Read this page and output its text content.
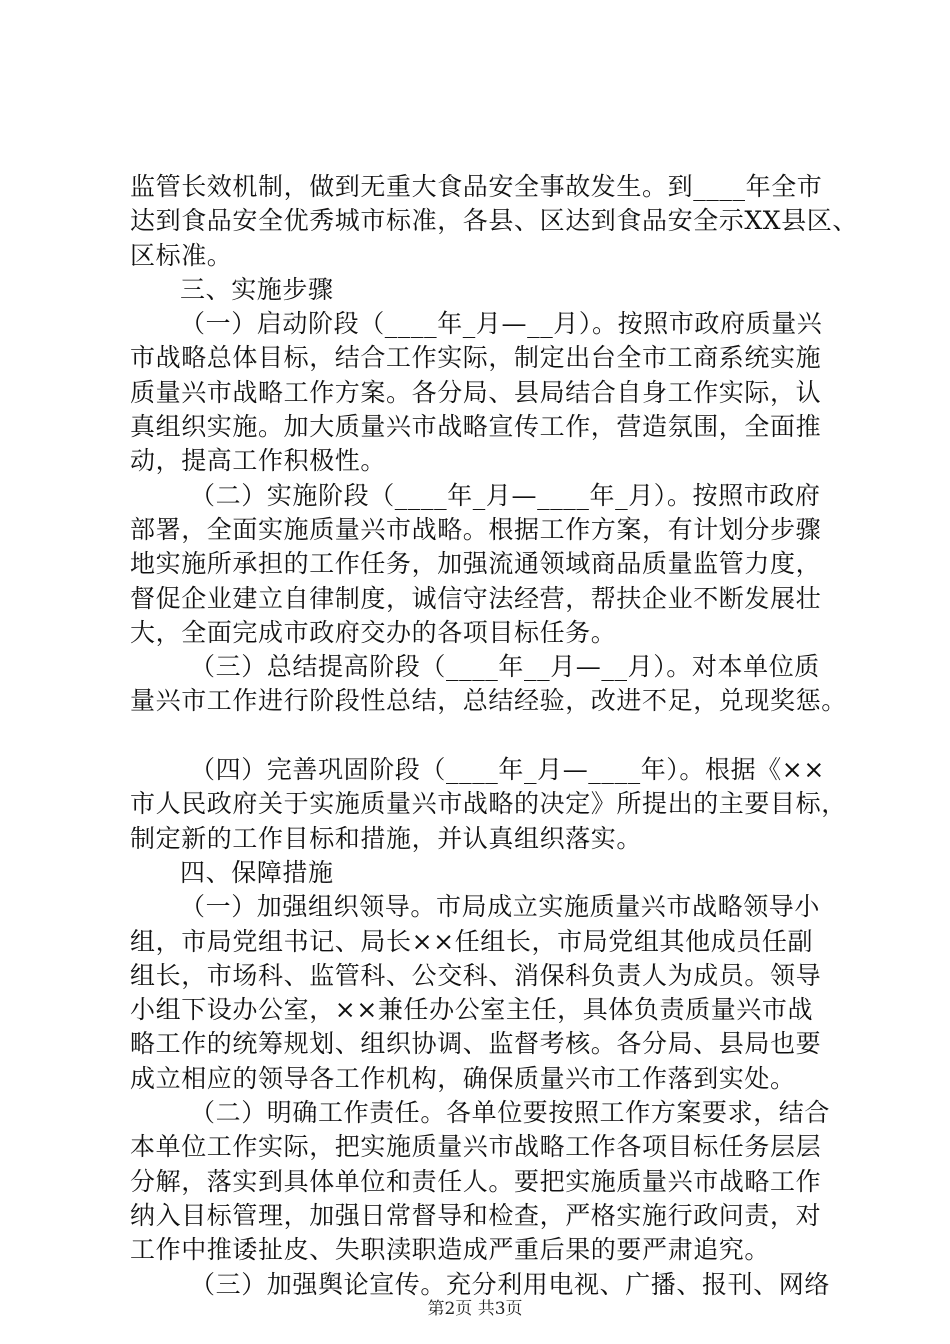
监管长效机制，做到无重大食品安全事故发生。到____年全市
达到食品安全优秀城市标准，各县、区达到食品安全示XX县区、
区标准。
三、实施步骤
（一）启动阶段（____年_月—__月）。按照市政府质量兴
市战略总体目标，结合工作实际，制定出台全市工商系统实施
质量兴市战略工作方案。各分局、县局结合自身工作实际，认
真组织实施。加大质量兴市战略宣传工作，营造氛围，全面推
动，提高工作积极性。
（二）实施阶段（____年_月—____年_月）。按照市政府
部署，全面实施质量兴市战略。根据工作方案，有计划分步骤
地实施所承担的工作任务，加强流通领域商品质量监管力度，
督促企业建立自律制度，诚信守法经营，帮扶企业不断发展壮
大，全面完成市政府交办的各项目标任务。
（三）总结提高阶段（____年__月—__月）。对本单位质
量兴市工作进行阶段性总结，总结经验，改进不足，兑现奖惩。
（四）完善巩固阶段（____年_月—____年）。根据《××
市人民政府关于实施质量兴市战略的决定》所提出的主要目标，
制定新的工作目标和措施，并认真组织落实。
四、保障措施
（一）加强组织领导。市局成立实施质量兴市战略领导小
组，市局党组书记、局长××任组长，市局党组其他成员任副
组长，市场科、监管科、公交科、消保科负责人为成员。领导
小组下设办公室，××兼任办公室主任，具体负责质量兴市战
略工作的统筹规划、组织协调、监督考核。各分局、县局也要
成立相应的领导各工作机构，确保质量兴市工作落到实处。
（二）明确工作责任。各单位要按照工作方案要求，结合
本单位工作实际，把实施质量兴市战略工作各项目标任务层层
分解，落实到具体单位和责任人。要把实施质量兴市战略工作
纳入目标管理，加强日常督导和检查，严格实施行政问责，对
工作中推诿扯皮、失职渎职造成严重后果的要严肃追究。
（三）加强舆论宣传。充分利用电视、广播、报刊、网络
第2页 共3页
